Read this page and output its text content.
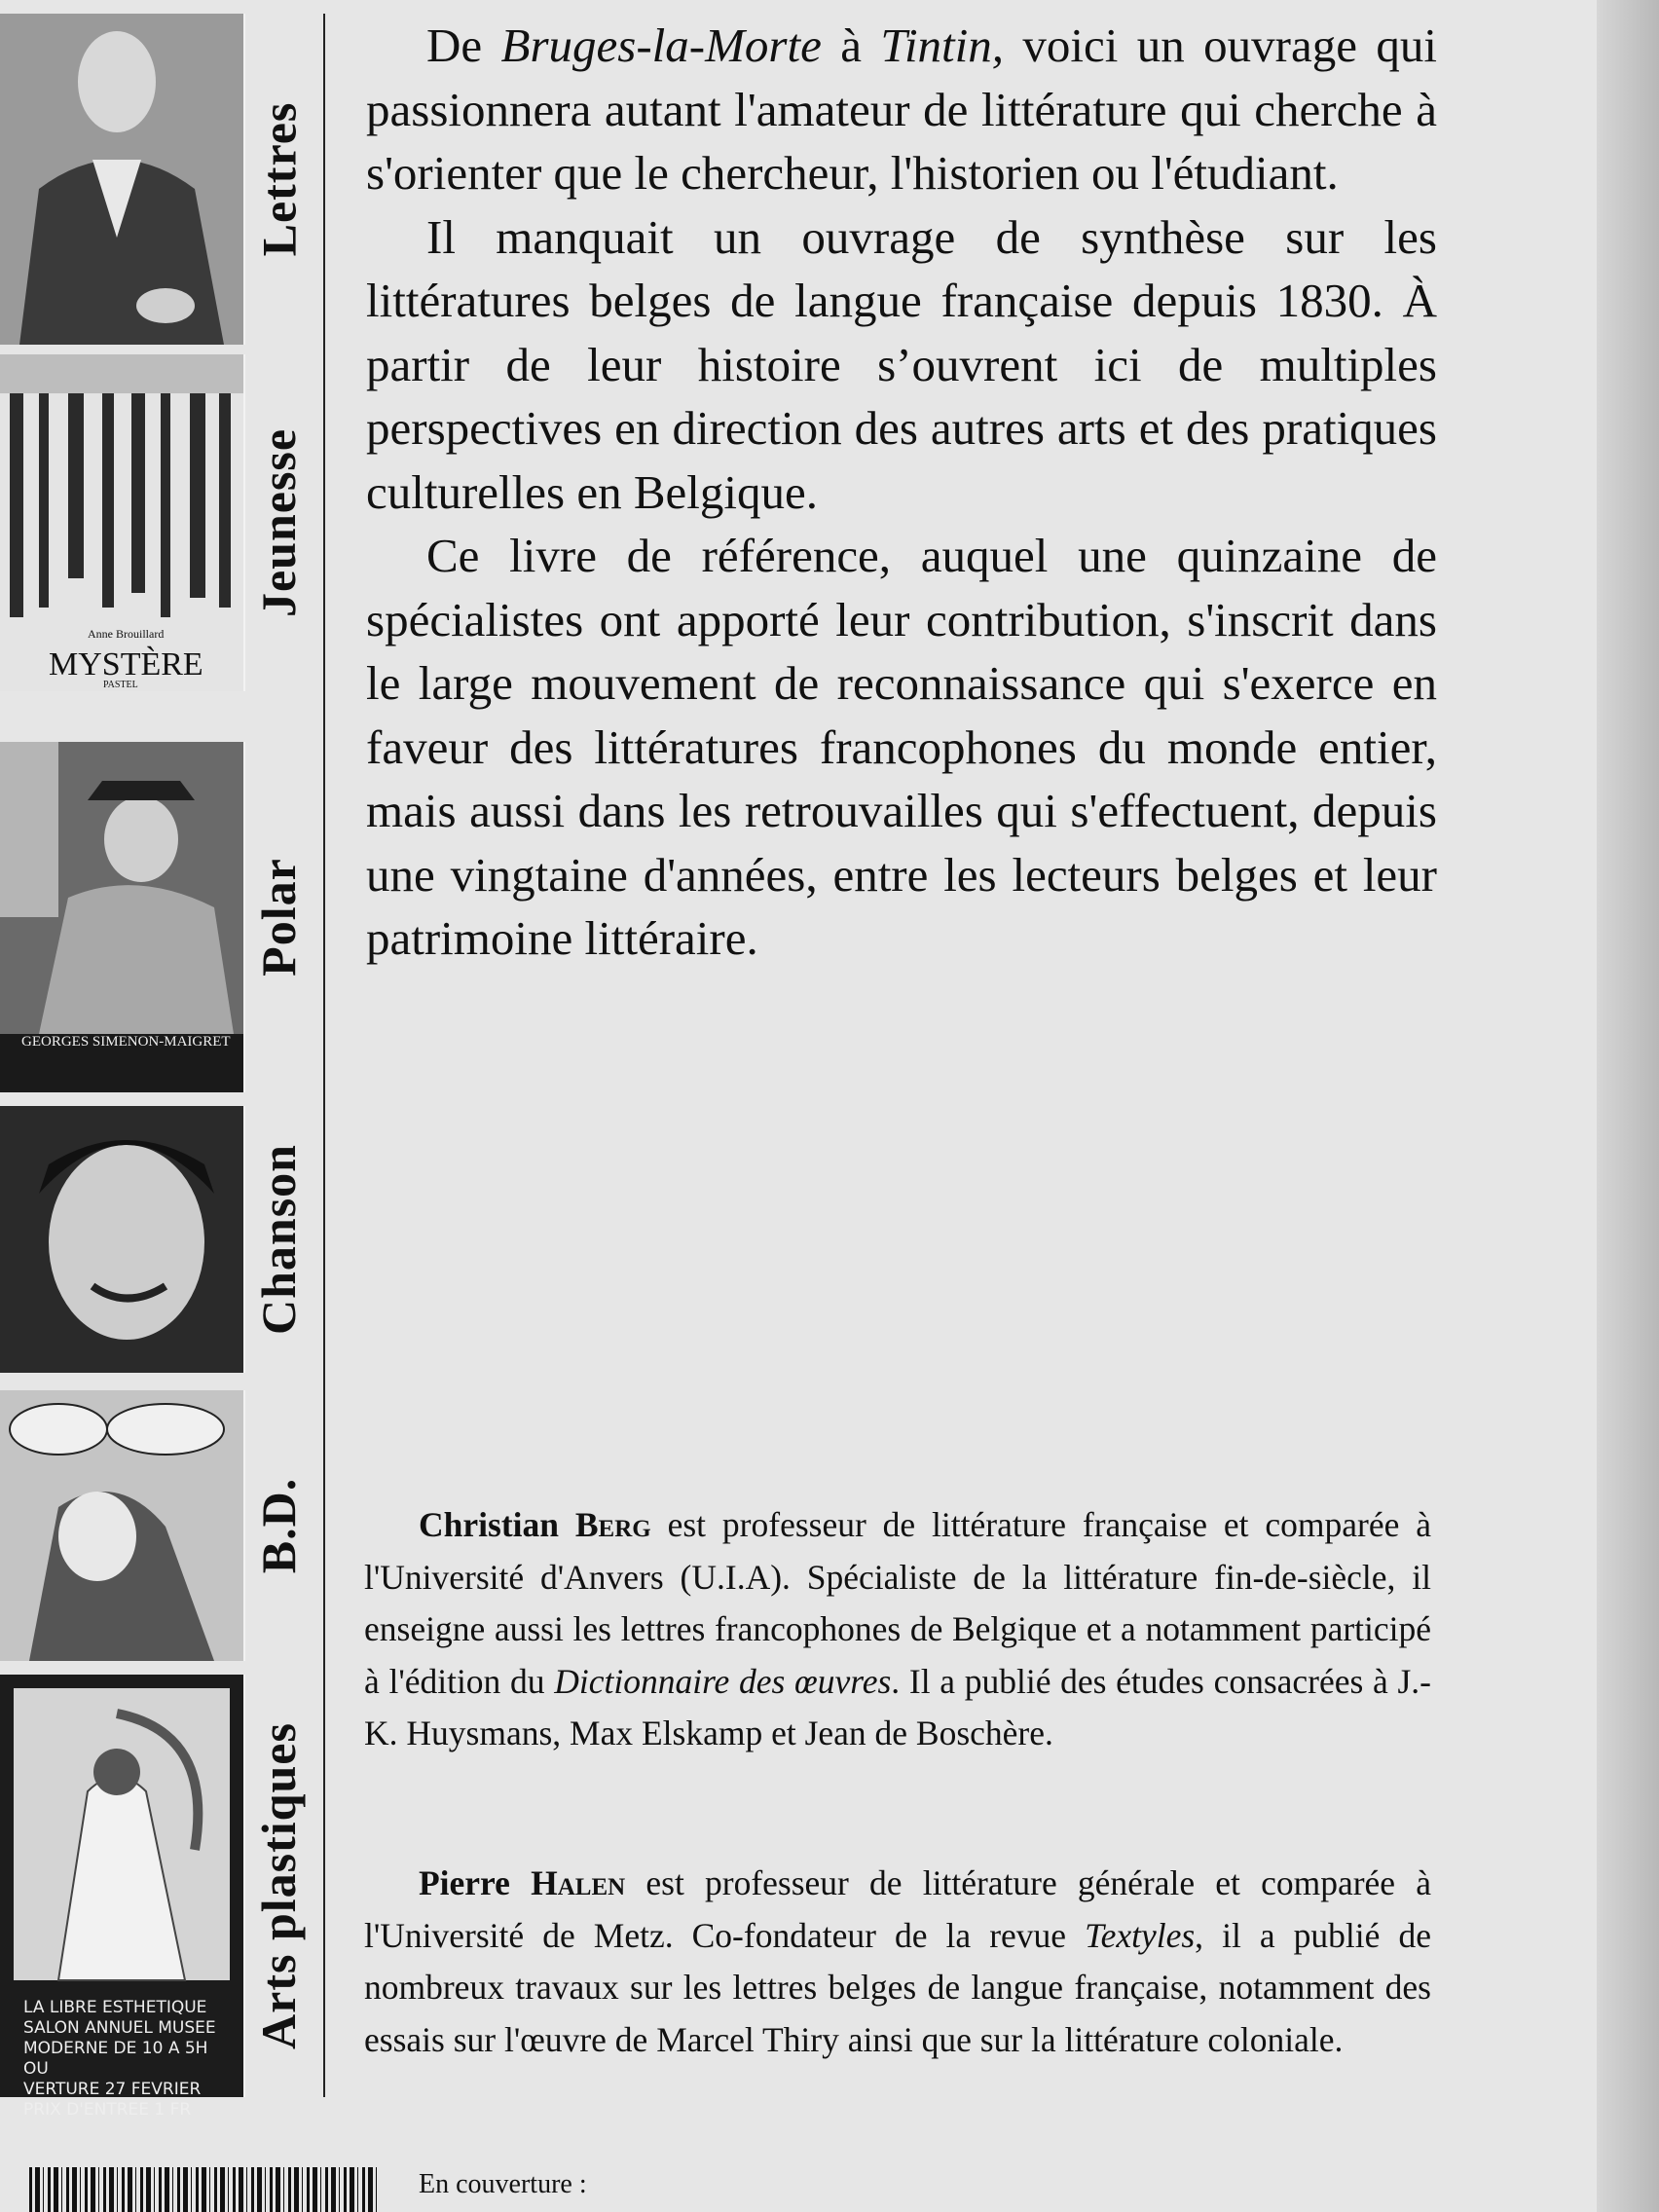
MYSTÈRE
Anne Brouillard
PASTEL
GEORGES SIMENON-MAIGRET
LA LIBRE ESTHETIQUE
SALON ANNUEL MUSEE
MODERNE DE 10 A 5H OU
VERTURE 27 FEVRIER
PRIX D'ENTREE 1 FR
Lettres
Jeunesse
Polar
Chanson
B.D.
Arts plastiques

De Bruges-la-Morte à Tintin, voici un ouvrage qui passionnera autant l'amateur de littérature qui cherche à s'orienter que le chercheur, l'historien ou l'étudiant.

Il manquait un ouvrage de synthèse sur les littératures belges de langue française depuis 1830. À partir de leur histoire s’ouvrent ici de multiples perspectives en direction des autres arts et des pratiques culturelles en Belgique.

Ce livre de référence, auquel une quinzaine de spécialistes ont apporté leur contribution, s'inscrit dans le large mouvement de reconnaissance qui s'exerce en faveur des littératures francophones du monde entier, mais aussi dans les retrouvailles qui s'effectuent, depuis une vingtaine d'années, entre les lecteurs belges et leur patrimoine littéraire.

Christian Berg est professeur de littérature française et comparée à l'Université d'Anvers (U.I.A). Spécialiste de la littérature fin-de-siècle, il enseigne aussi les lettres francophones de Belgique et a notamment participé à l'édition du Dictionnaire des œuvres. Il a publié des études consacrées à J.-K. Huysmans, Max Elskamp et Jean de Boschère.

Pierre Halen est professeur de littérature générale et comparée à l'Université de Metz. Co-fondateur de la revue Textyles, il a publié de nombreux travaux sur les lettres belges de langue française, notamment des essais sur l'œuvre de Marcel Thiry ainsi que sur la littérature coloniale.

En couverture :
